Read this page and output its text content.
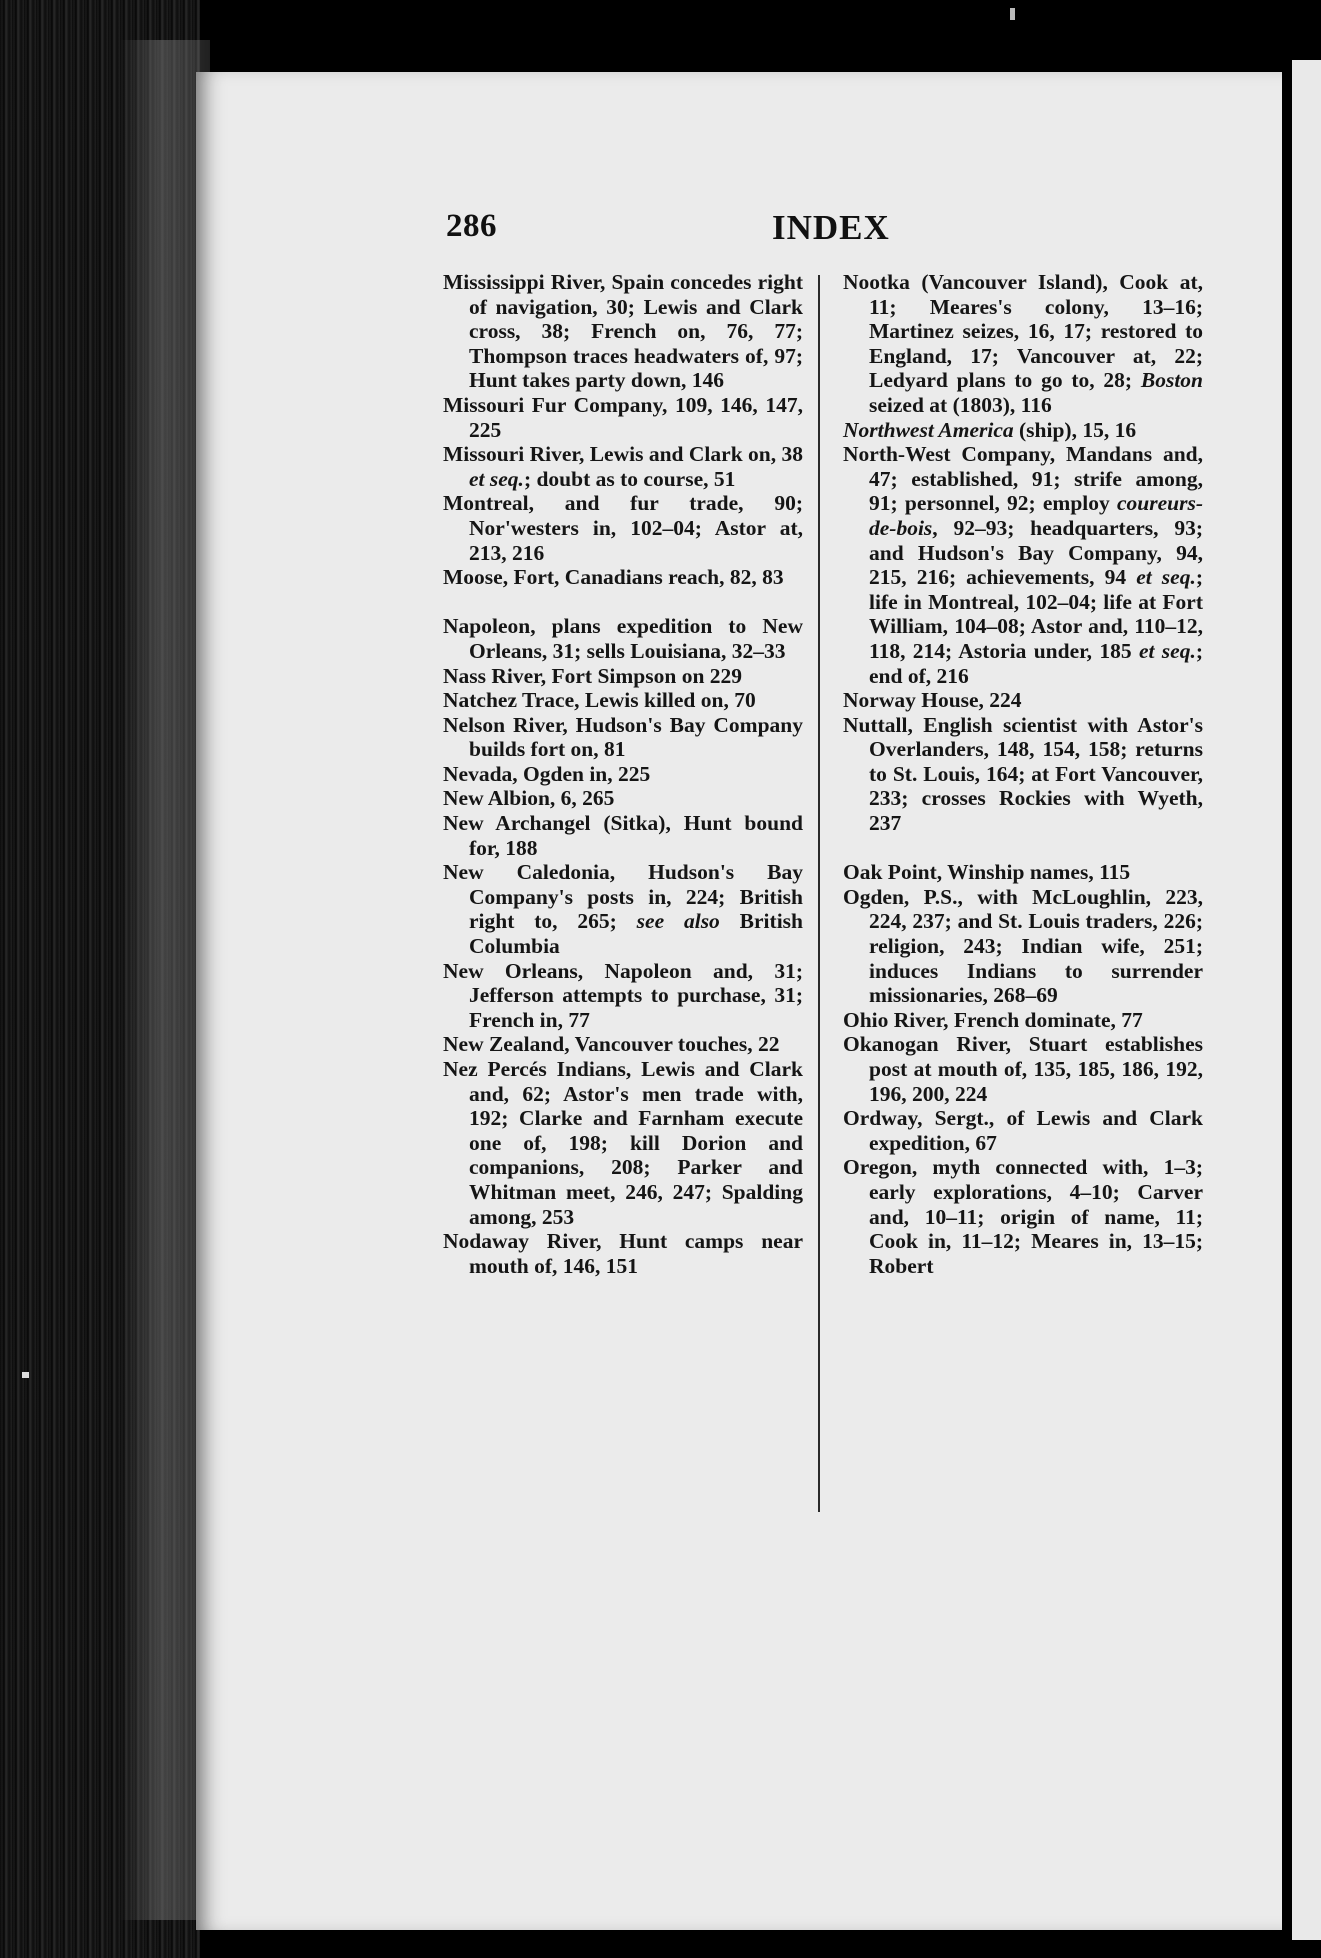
286	INDEX

Mississippi River, Spain concedes right of navigation, 30; Lewis and Clark cross, 38; French on, 76, 77; Thompson traces headwaters of, 97; Hunt takes party down, 146

Missouri Fur Company, 109, 146, 147, 225

Missouri River, Lewis and Clark on, 38 et seq.; doubt as to course, 51

Montreal, and fur trade, 90; Nor'westers in, 102–04; Astor at, 213, 216

Moose, Fort, Canadians reach, 82, 83

Napoleon, plans expedition to New Orleans, 31; sells Louisiana, 32–33

Nass River, Fort Simpson on 229

Natchez Trace, Lewis killed on, 70

Nelson River, Hudson's Bay Company builds fort on, 81

Nevada, Ogden in, 225

New Albion, 6, 265

New Archangel (Sitka), Hunt bound for, 188

New Caledonia, Hudson's Bay Company's posts in, 224; British right to, 265; see also British Columbia

New Orleans, Napoleon and, 31; Jefferson attempts to purchase, 31; French in, 77

New Zealand, Vancouver touches, 22

Nez Percés Indians, Lewis and Clark and, 62; Astor's men trade with, 192; Clarke and Farnham execute one of, 198; kill Dorion and companions, 208; Parker and Whitman meet, 246, 247; Spalding among, 253

Nodaway River, Hunt camps near mouth of, 146, 151

Nootka (Vancouver Island), Cook at, 11; Meares's colony, 13–16; Martinez seizes, 16, 17; restored to England, 17; Vancouver at, 22; Ledyard plans to go to, 28; Boston seized at (1803), 116

Northwest America (ship), 15, 16

North-West Company, Mandans and, 47; established, 91; strife among, 91; personnel, 92; employ coureurs-de-bois, 92–93; headquarters, 93; and Hudson's Bay Company, 94, 215, 216; achievements, 94 et seq.; life in Montreal, 102–04; life at Fort William, 104–08; Astor and, 110–12, 118, 214; Astoria under, 185 et seq.; end of, 216

Norway House, 224

Nuttall, English scientist with Astor's Overlanders, 148, 154, 158; returns to St. Louis, 164; at Fort Vancouver, 233; crosses Rockies with Wyeth, 237

Oak Point, Winship names, 115

Ogden, P.S., with McLoughlin, 223, 224, 237; and St. Louis traders, 226; religion, 243; Indian wife, 251; induces Indians to surrender missionaries, 268–69

Ohio River, French dominate, 77

Okanogan River, Stuart establishes post at mouth of, 135, 185, 186, 192, 196, 200, 224

Ordway, Sergt., of Lewis and Clark expedition, 67

Oregon, myth connected with, 1–3; early explorations, 4–10; Carver and, 10–11; origin of name, 11; Cook in, 11–12; Meares in, 13–15; Robert
